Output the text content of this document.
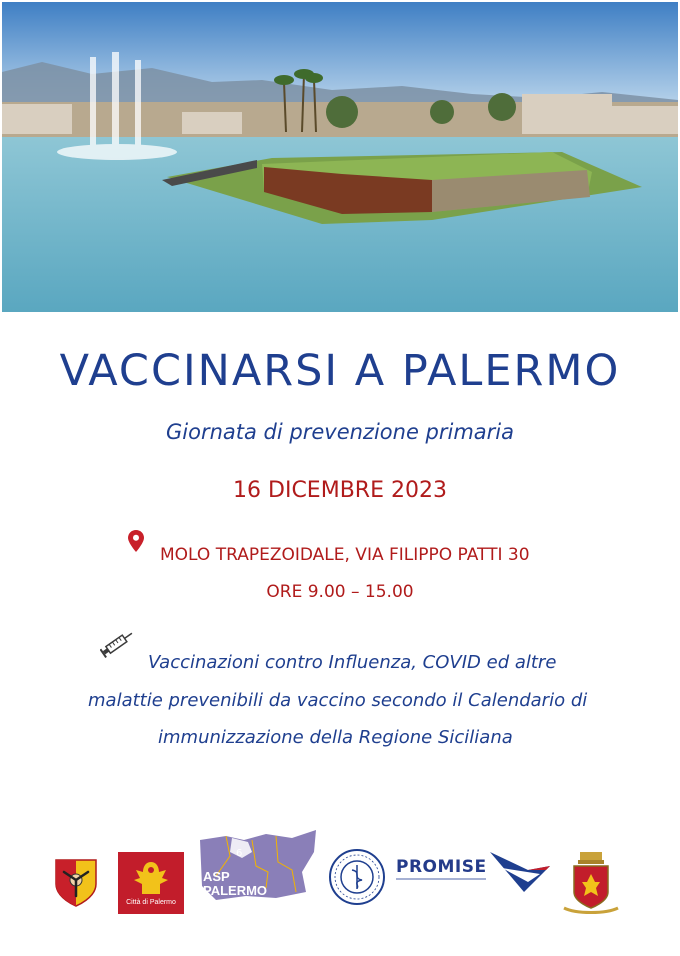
VACCINARSI A PALERMO
Giornata di prevenzione primaria
16 DICEMBRE 2023
MOLO TRAPEZOIDALE, VIA FILIPPO PATTI 30
ORE 9.00 – 15.00
Vaccinazioni contro Influenza, COVID ed altre
malattie prevenibili da vaccino secondo il Calendario di
immunizzazione della Regione Siciliana
Città di Palermo
6
ASP
PALERMO
AZIENDA SANITARIA PROVINC
PROMISE
